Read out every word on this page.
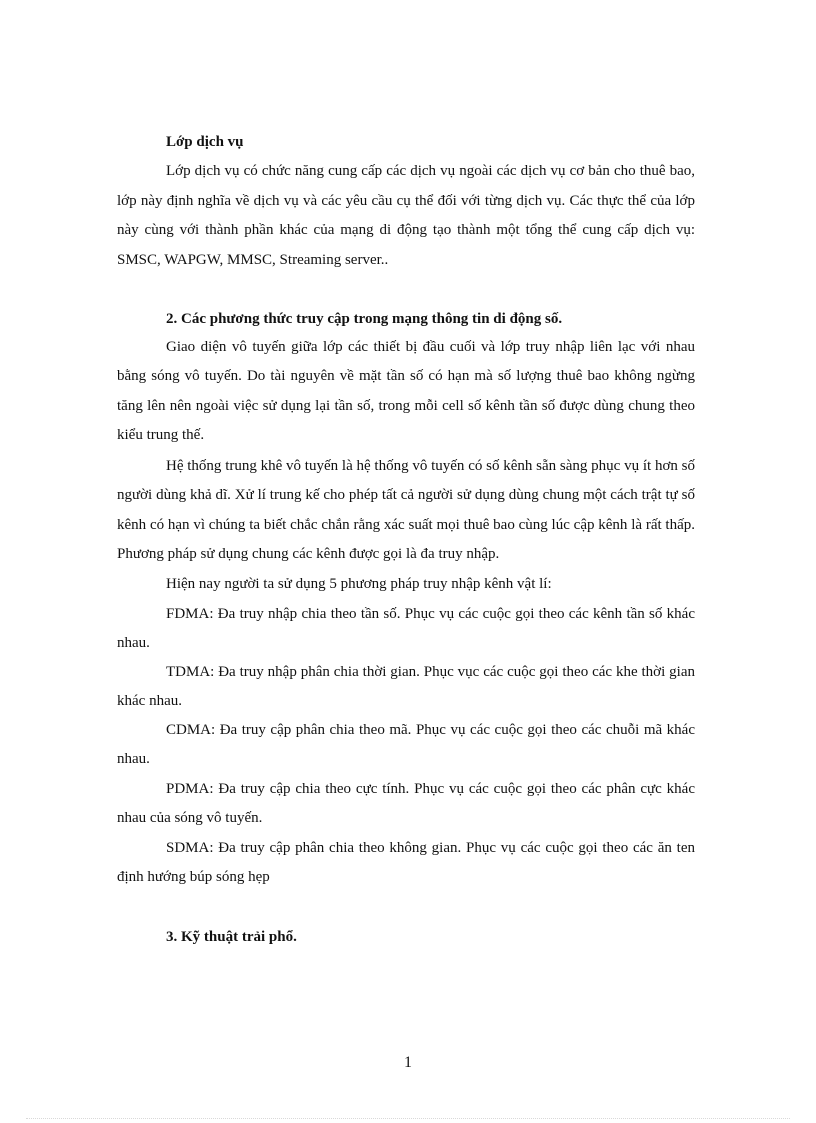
Lớp dịch vụ

Lớp dịch vụ có chức năng cung cấp các dịch vụ ngoài các dịch vụ cơ bản cho thuê bao, lớp này định nghĩa về dịch vụ và các yêu cầu cụ thể đối với từng dịch vụ. Các thực thể của lớp này cùng với thành phần khác của mạng di động tạo thành một tổng thể cung cấp dịch vụ: SMSC, WAPGW, MMSC, Streaming server..

2. Các phương thức truy cập trong mạng thông tin di động số.

Giao diện vô tuyến giữa lớp các thiết bị đầu cuối và lớp truy nhập liên lạc với nhau bằng sóng vô tuyến. Do tài nguyên về mặt tần số có hạn mà số lượng thuê bao không ngừng tăng lên nên ngoài việc sử dụng lại tần số, trong mỗi cell số kênh tần số được dùng chung theo kiểu trung thế.

Hệ thống trung khê vô tuyến là hệ thống vô tuyến có số kênh sẵn sàng phục vụ ít hơn số người dùng khả dĩ. Xử lí trung kế cho phép tất cả người sử dụng dùng chung một cách trật tự số kênh có hạn vì chúng ta biết chắc chắn rằng xác suất mọi thuê bao cùng lúc cập kênh là rất thấp. Phương pháp sử dụng chung các kênh được gọi là đa truy nhập.

Hiện nay người ta sử dụng 5 phương pháp truy nhập kênh vật lí:

FDMA: Đa truy nhập chia theo tần số. Phục vụ các cuộc gọi theo các kênh tần số khác nhau.

TDMA: Đa truy nhập phân chia thời gian. Phục vục các cuộc gọi theo các khe thời gian khác nhau.

CDMA: Đa truy cập phân chia theo mã. Phục vụ các cuộc gọi theo các chuỗi mã khác nhau.

PDMA: Đa truy cập chia theo cực tính. Phục vụ các cuộc gọi theo các phân cực khác nhau của sóng vô tuyến.

SDMA: Đa truy cập phân chia theo không gian. Phục vụ các cuộc gọi theo các ăn ten định hướng búp sóng hẹp

3. Kỹ thuật trải phổ.
1
